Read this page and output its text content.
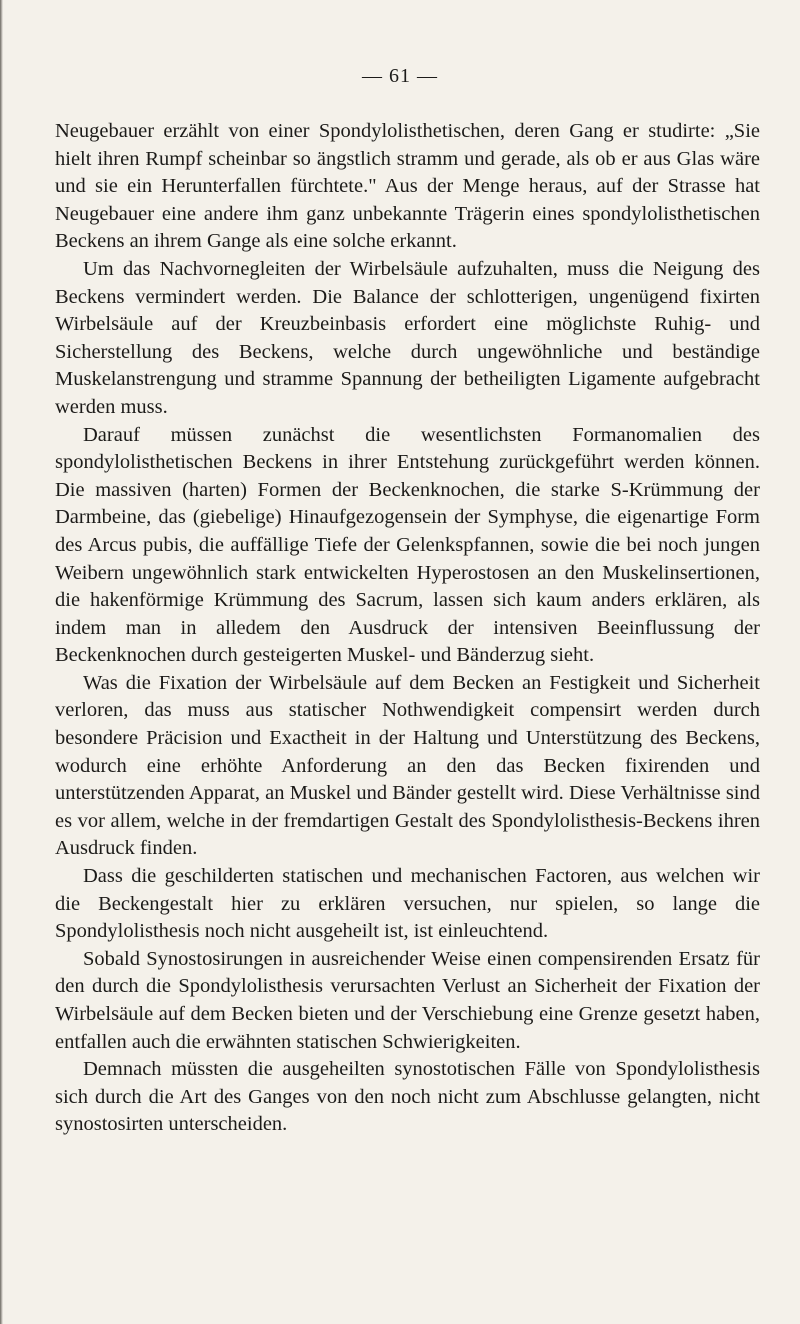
— 61 —

Neugebauer erzählt von einer Spondylolisthetischen, deren Gang er studirte: „Sie hielt ihren Rumpf scheinbar so ängstlich stramm und gerade, als ob er aus Glas wäre und sie ein Herunterfallen fürchtete." Aus der Menge heraus, auf der Strasse hat Neugebauer eine andere ihm ganz unbekannte Trägerin eines spondylolisthetischen Beckens an ihrem Gange als eine solche erkannt.

Um das Nachvornegleiten der Wirbelsäule aufzuhalten, muss die Neigung des Beckens vermindert werden. Die Balance der schlotterigen, ungenügend fixirten Wirbelsäule auf der Kreuzbeinbasis erfordert eine möglichste Ruhig- und Sicherstellung des Beckens, welche durch ungewöhnliche und beständige Muskelanstrengung und stramme Spannung der betheiligten Ligamente aufgebracht werden muss.

Darauf müssen zunächst die wesentlichsten Formanomalien des spondylolisthetischen Beckens in ihrer Entstehung zurückgeführt werden können. Die massiven (harten) Formen der Beckenknochen, die starke S-Krümmung der Darmbeine, das (giebelige) Hinaufgezogensein der Symphyse, die eigenartige Form des Arcus pubis, die auffällige Tiefe der Gelenkspfannen, sowie die bei noch jungen Weibern ungewöhnlich stark entwickelten Hyperostosen an den Muskelinsertionen, die hakenförmige Krümmung des Sacrum, lassen sich kaum anders erklären, als indem man in alledem den Ausdruck der intensiven Beeinflussung der Beckenknochen durch gesteigerten Muskel- und Bänderzug sieht.

Was die Fixation der Wirbelsäule auf dem Becken an Festigkeit und Sicherheit verloren, das muss aus statischer Nothwendigkeit compensirt werden durch besondere Präcision und Exactheit in der Haltung und Unterstützung des Beckens, wodurch eine erhöhte Anforderung an den das Becken fixirenden und unterstützenden Apparat, an Muskel und Bänder gestellt wird. Diese Verhältnisse sind es vor allem, welche in der fremdartigen Gestalt des Spondylolisthesis-Beckens ihren Ausdruck finden.

Dass die geschilderten statischen und mechanischen Factoren, aus welchen wir die Beckengestalt hier zu erklären versuchen, nur spielen, so lange die Spondylolisthesis noch nicht ausgeheilt ist, ist einleuchtend.

Sobald Synostosirungen in ausreichender Weise einen compensirenden Ersatz für den durch die Spondylolisthesis verursachten Verlust an Sicherheit der Fixation der Wirbelsäule auf dem Becken bieten und der Verschiebung eine Grenze gesetzt haben, entfallen auch die erwähnten statischen Schwierigkeiten.

Demnach müssten die ausgeheilten synostotischen Fälle von Spondylolisthesis sich durch die Art des Ganges von den noch nicht zum Abschlusse gelangten, nicht synostosirten unterscheiden.
